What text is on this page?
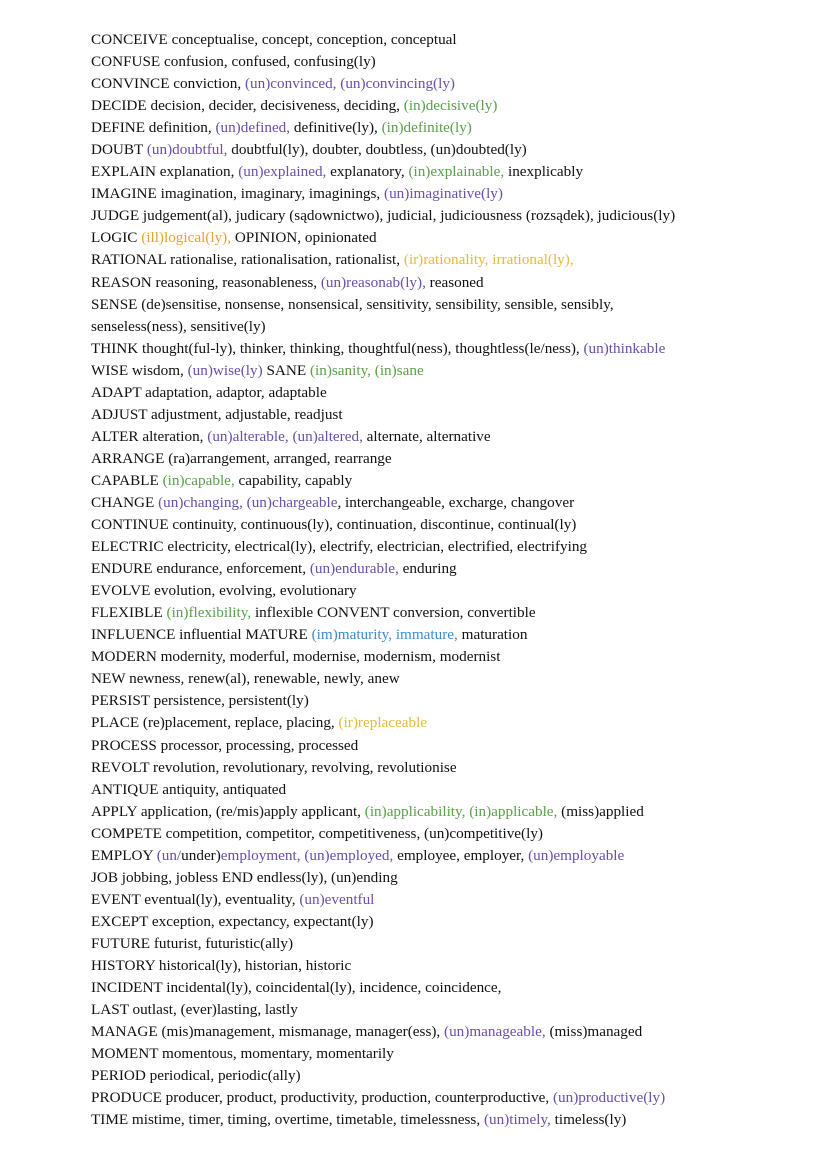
CONCEIVE conceptualise, concept, conception, conceptual
CONFUSE confusion, confused, confusing(ly)
CONVINCE conviction, (un)convinced, (un)convincing(ly)
DECIDE decision, decider, decisiveness, deciding, (in)decisive(ly)
DEFINE definition, (un)defined, definitive(ly), (in)definite(ly)
DOUBT (un)doubtful, doubtful(ly), doubter, doubtless, (un)doubted(ly)
EXPLAIN explanation, (un)explained, explanatory, (in)explainable, inexplicably
IMAGINE imagination, imaginary, imaginings, (un)imaginative(ly)
JUDGE judgement(al), judicary (sądownictwo), judicial, judiciousness (rozsądek), judicious(ly)
LOGIC (ill)logical(ly), OPINION, opinionated
RATIONAL rationalise, rationalisation, rationalist, (ir)rationality, irrational(ly),
REASON reasoning, reasonableness, (un)reasonab(ly), reasoned
SENSE (de)sensitise, nonsense, nonsensical, sensitivity, sensibility, sensible, sensibly,
senseless(ness), sensitive(ly)
THINK thought(ful-ly), thinker, thinking, thoughtful(ness), thoughtless(le/ness), (un)thinkable
WISE wisdom, (un)wise(ly) SANE (in)sanity, (in)sane
ADAPT adaptation, adaptor, adaptable
ADJUST adjustment, adjustable, readjust
ALTER alteration, (un)alterable, (un)altered, alternate, alternative
ARRANGE (ra)arrangement, arranged, rearrange
CAPABLE (in)capable, capability, capably
CHANGE (un)changing, (un)chargeable, interchangeable, excharge, changover
CONTINUE continuity, continuous(ly), continuation, discontinue, continual(ly)
ELECTRIC electricity, electrical(ly), electrify, electrician, electrified, electrifying
ENDURE endurance, enforcement, (un)endurable, enduring
EVOLVE evolution, evolving, evolutionary
FLEXIBLE (in)flexibility, inflexible CONVENT conversion, convertible
INFLUENCE influential MATURE (im)maturity, immature, maturation
MODERN modernity, moderful, modernise, modernism, modernist
NEW newness, renew(al), renewable, newly, anew
PERSIST persistence, persistent(ly)
PLACE (re)placement, replace, placing, (ir)replaceable
PROCESS processor, processing, processed
REVOLT revolution, revolutionary, revolving, revolutionise
ANTIQUE antiquity, antiquated
APPLY application, (re/mis)apply applicant, (in)applicability, (in)applicable, (miss)applied
COMPETE competition, competitor, competitiveness, (un)competitive(ly)
EMPLOY (un/under)employment, (un)employed, employee, employer, (un)employable
JOB jobbing, jobless END endless(ly), (un)ending
EVENT eventual(ly), eventuality, (un)eventful
EXCEPT exception, expectancy, expectant(ly)
FUTURE futurist, futuristic(ally)
HISTORY historical(ly), historian, historic
INCIDENT incidental(ly), coincidental(ly), incidence, coincidence,
LAST outlast, (ever)lasting, lastly
MANAGE (mis)management, mismanage, manager(ess), (un)manageable, (miss)managed
MOMENT momentous, momentary, momentarily
PERIOD periodical, periodic(ally)
PRODUCE producer, product, productivity, production, counterproductive, (un)productive(ly)
TIME mistime, timer, timing, overtime, timetable, timelessness, (un)timely, timeless(ly)
